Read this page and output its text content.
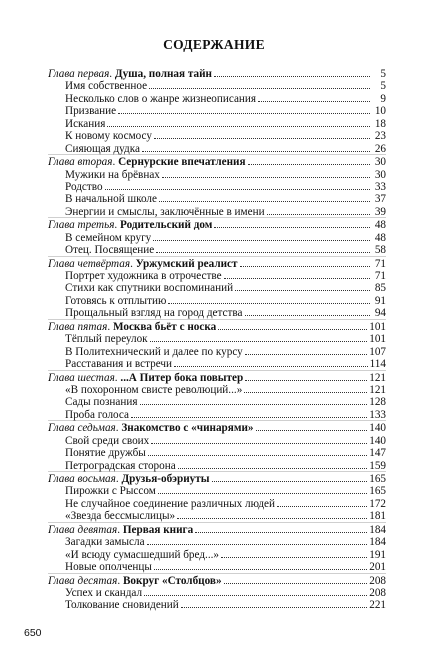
СОДЕРЖАНИЕ
Глава первая. Душа, полная тайн	5
Имя собственное	5
Несколько слов о жанре жизнеописания	9
Призвание	10
Искания	18
К новому космосу	23
Сияющая дудка	26
Глава вторая. Сернурские впечатления	30
Мужики на брёвнах	30
Родство	33
В начальной школе	37
Энергии и смыслы, заключённые в имени	39
Глава третья. Родительский дом	48
В семейном кругу	48
Отец. Посвящение	58
Глава четвёртая. Уржумский реалист	71
Портрет художника в отрочестве	71
Стихи как спутники воспоминаний	85
Готовясь к отплытию	91
Прощальный взгляд на город детства	94
Глава пятая. Москва бьёт с носка	101
Тёплый переулок	101
В Политехнический и далее по курсу	107
Расставания и встречи	114
Глава шестая. ...А Питер бока повытер	121
«В похоронном свисте революций...»	121
Сады познания	128
Проба голоса	133
Глава седьмая. Знакомство с «чинарями»	140
Свой среди своих	140
Понятие дружбы	147
Петроградская сторона	159
Глава восьмая. Друзья-обэриуты	165
Пирожки с Рыссом	165
Не случайное соединение различных людей	172
«Звезда бессмыслицы»	181
Глава девятая. Первая книга	184
Загадки замысла	184
«И всюду сумасшедший бред...»	191
Новые ополченцы	201
Глава десятая. Вокруг «Столбцов»	208
Успех и скандал	208
Толкование сновидений	221
650
